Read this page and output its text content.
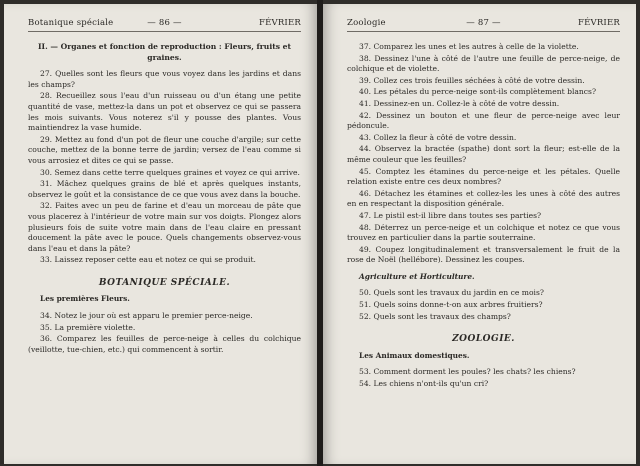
Botanique spéciale	— 86 —	FÉVRIER

II. — Organes et fonction de reproduction : Fleurs, fruits et graines.

27. Quelles sont les fleurs que vous voyez dans les jardins et dans les champs?

28. Recueillez sous l'eau d'un ruisseau ou d'un étang une petite quantité de vase, mettez-la dans un pot et observez ce qui se passera les mois suivants. Vous noterez s'il y pousse des plantes. Vous maintiendrez la vase humide.

29. Mettez au fond d'un pot de fleur une couche d'argile; sur cette couche, mettez de la bonne terre de jardin; versez de l'eau comme si vous arrosiez et dites ce qui se passe.

30. Semez dans cette terre quelques graines et voyez ce qui arrive.

31. Mâchez quelques grains de blé et après quelques instants, observez le goût et la consistance de ce que vous avez dans la bouche.

32. Faites avec un peu de farine et d'eau un morceau de pâte que vous placerez à l'intérieur de votre main sur vos doigts. Plongez alors plusieurs fois de suite votre main dans de l'eau claire en pressant doucement la pâte avec le pouce. Quels changements observez-vous dans l'eau et dans la pâte?

33. Laissez reposer cette eau et notez ce qui se produit.

BOTANIQUE SPÉCIALE.

Les premières Fleurs.

34. Notez le jour où est apparu le premier perce-neige.

35. La première violette.

36. Comparez les feuilles de perce-neige à celles du colchique (veillotte, tue-chien, etc.) qui commencent à sortir.

Zoologie	— 87 —	FÉVRIER

37. Comparez les unes et les autres à celle de la violette.

38. Dessinez l'une à côté de l'autre une feuille de perce-neige, de colchique et de violette.

39. Collez ces trois feuilles séchées à côté de votre dessin.

40. Les pétales du perce-neige sont-ils complètement blancs?

41. Dessinez-en un. Collez-le à côté de votre dessin.

42. Dessinez un bouton et une fleur de perce-neige avec leur pédoncule.

43. Collez la fleur à côté de votre dessin.

44. Observez la bractée (spathe) dont sort la fleur; est-elle de la même couleur que les feuilles?

45. Comptez les étamines du perce-neige et les pétales. Quelle relation existe entre ces deux nombres?

46. Détachez les étamines et collez-les les unes à côté des autres en en respectant la disposition générale.

47. Le pistil est-il libre dans toutes ses parties?

48. Déterrez un perce-neige et un colchique et notez ce que vous trouvez en particulier dans la partie souterraine.

49. Coupez longitudinalement et transversalement le fruit de la rose de Noël (hellébore). Dessinez les coupes.

Agriculture et Horticulture.

50. Quels sont les travaux du jardin en ce mois?

51. Quels soins donne-t-on aux arbres fruitiers?

52. Quels sont les travaux des champs?

ZOOLOGIE.

Les Animaux domestiques.

53. Comment dorment les poules? les chats? les chiens?

54. Les chiens n'ont-ils qu'un cri?
